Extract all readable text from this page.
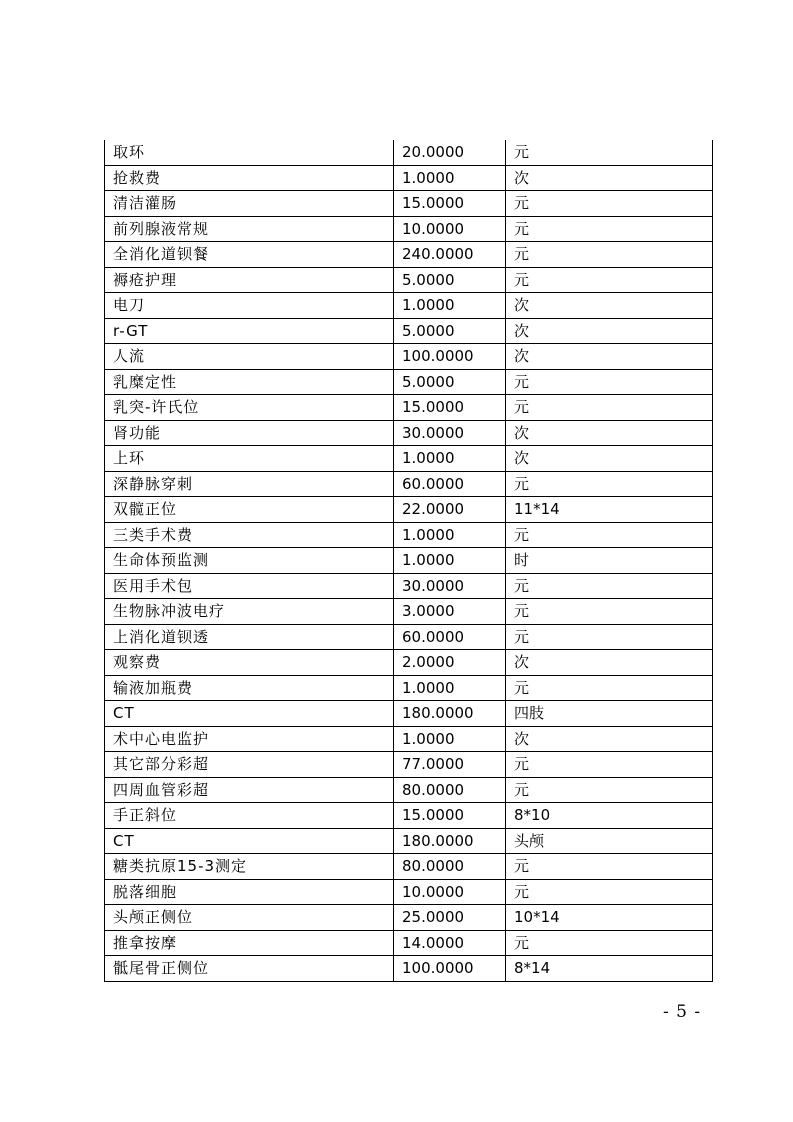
取环	20.0000	元
抢救费	1.0000	次
清洁灌肠	15.0000	元
前列腺液常规	10.0000	元
全消化道钡餐	240.0000	元
褥疮护理	5.0000	元
电刀	1.0000	次
r-GT	5.0000	次
人流	100.0000	次
乳糜定性	5.0000	元
乳突-许氏位	15.0000	元
肾功能	30.0000	次
上环	1.0000	次
深静脉穿刺	60.0000	元
双髋正位	22.0000	11*14
三类手术费	1.0000	元
生命体预监测	1.0000	时
医用手术包	30.0000	元
生物脉冲波电疗	3.0000	元
上消化道钡透	60.0000	元
观察费	2.0000	次
输液加瓶费	1.0000	元
CT	180.0000	四肢
术中心电监护	1.0000	次
其它部分彩超	77.0000	元
四周血管彩超	80.0000	元
手正斜位	15.0000	8*10
CT	180.0000	头颅
糖类抗原15-3测定	80.0000	元
脱落细胞	10.0000	元
头颅正侧位	25.0000	10*14
推拿按摩	14.0000	元
骶尾骨正侧位	100.0000	8*14
- 5 -
